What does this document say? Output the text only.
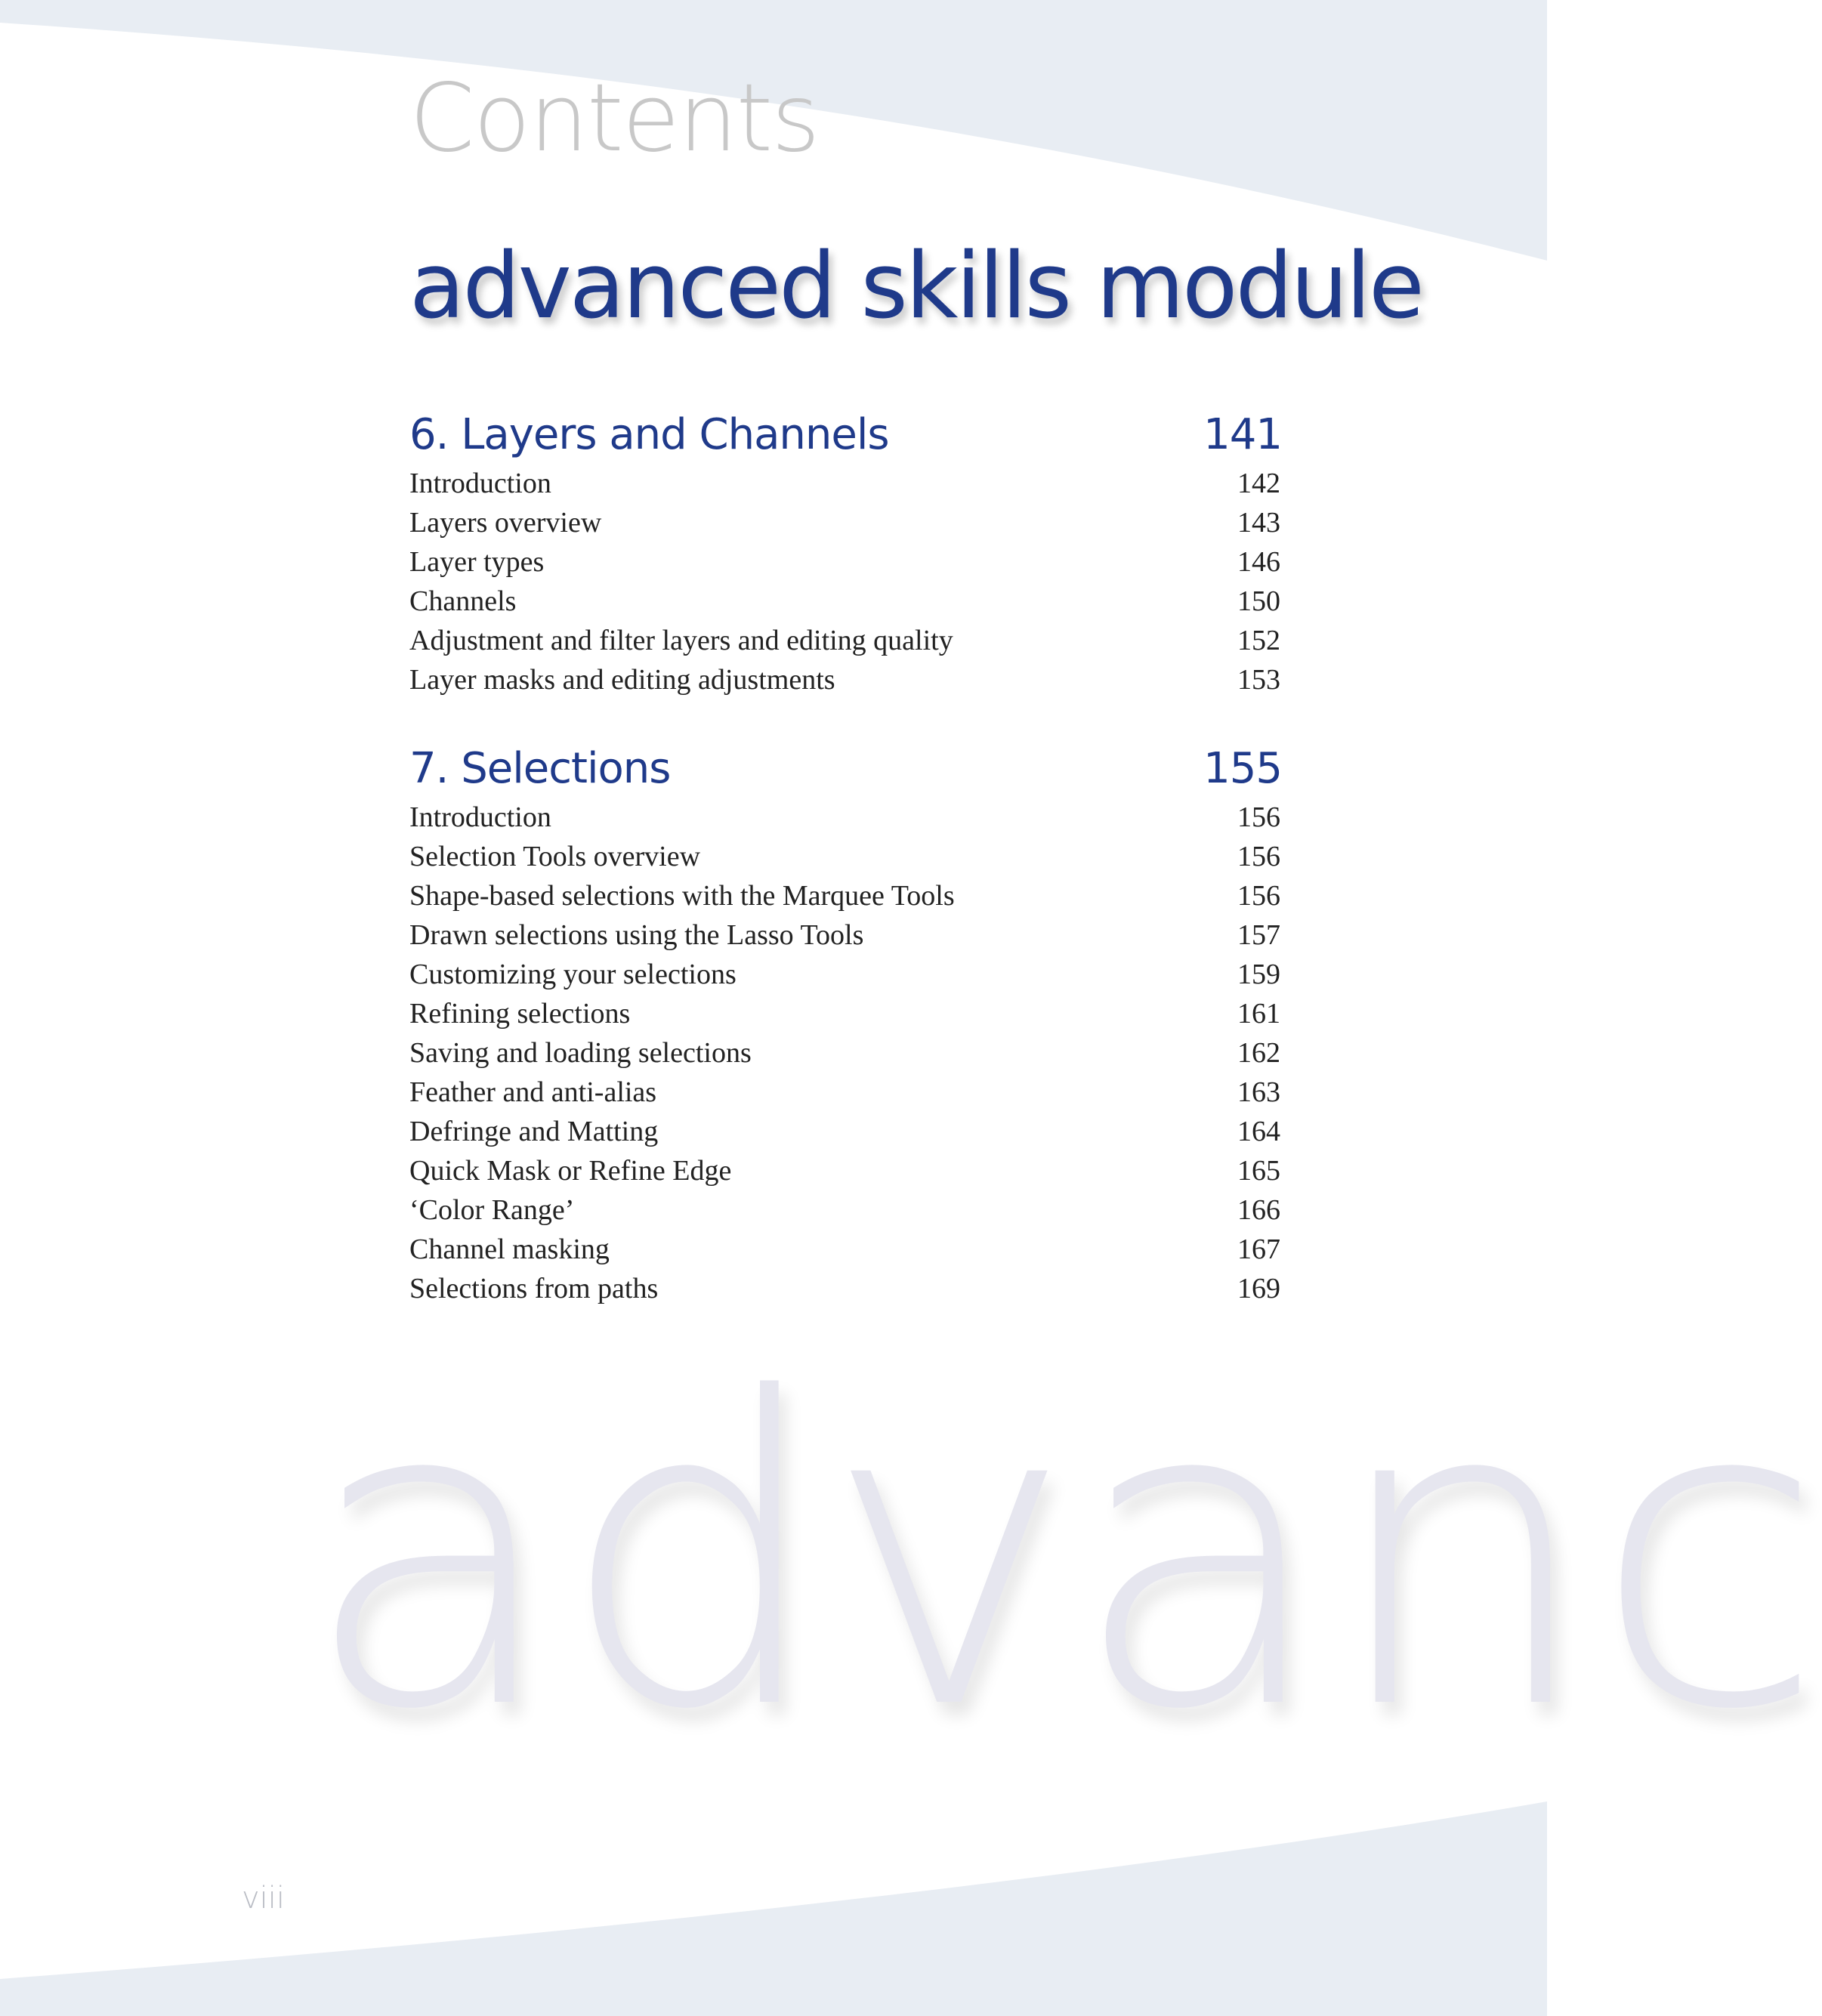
Contents
advanced skills module
6. Layers and Channels	141
Introduction	142
Layers overview	143
Layer types	146
Channels	150
Adjustment and filter layers and editing quality	152
Layer masks and editing adjustments	153
7. Selections	155
Introduction	156
Selection Tools overview	156
Shape-based selections with the Marquee Tools	156
Drawn selections using the Lasso Tools	157
Customizing your selections	159
Refining selections	161
Saving and loading selections	162
Feather and anti-alias	163
Defringe and Matting	164
Quick Mask or Refine Edge	165
‘Color Range’	166
Channel masking	167
Selections from paths	169
advanc
viii
